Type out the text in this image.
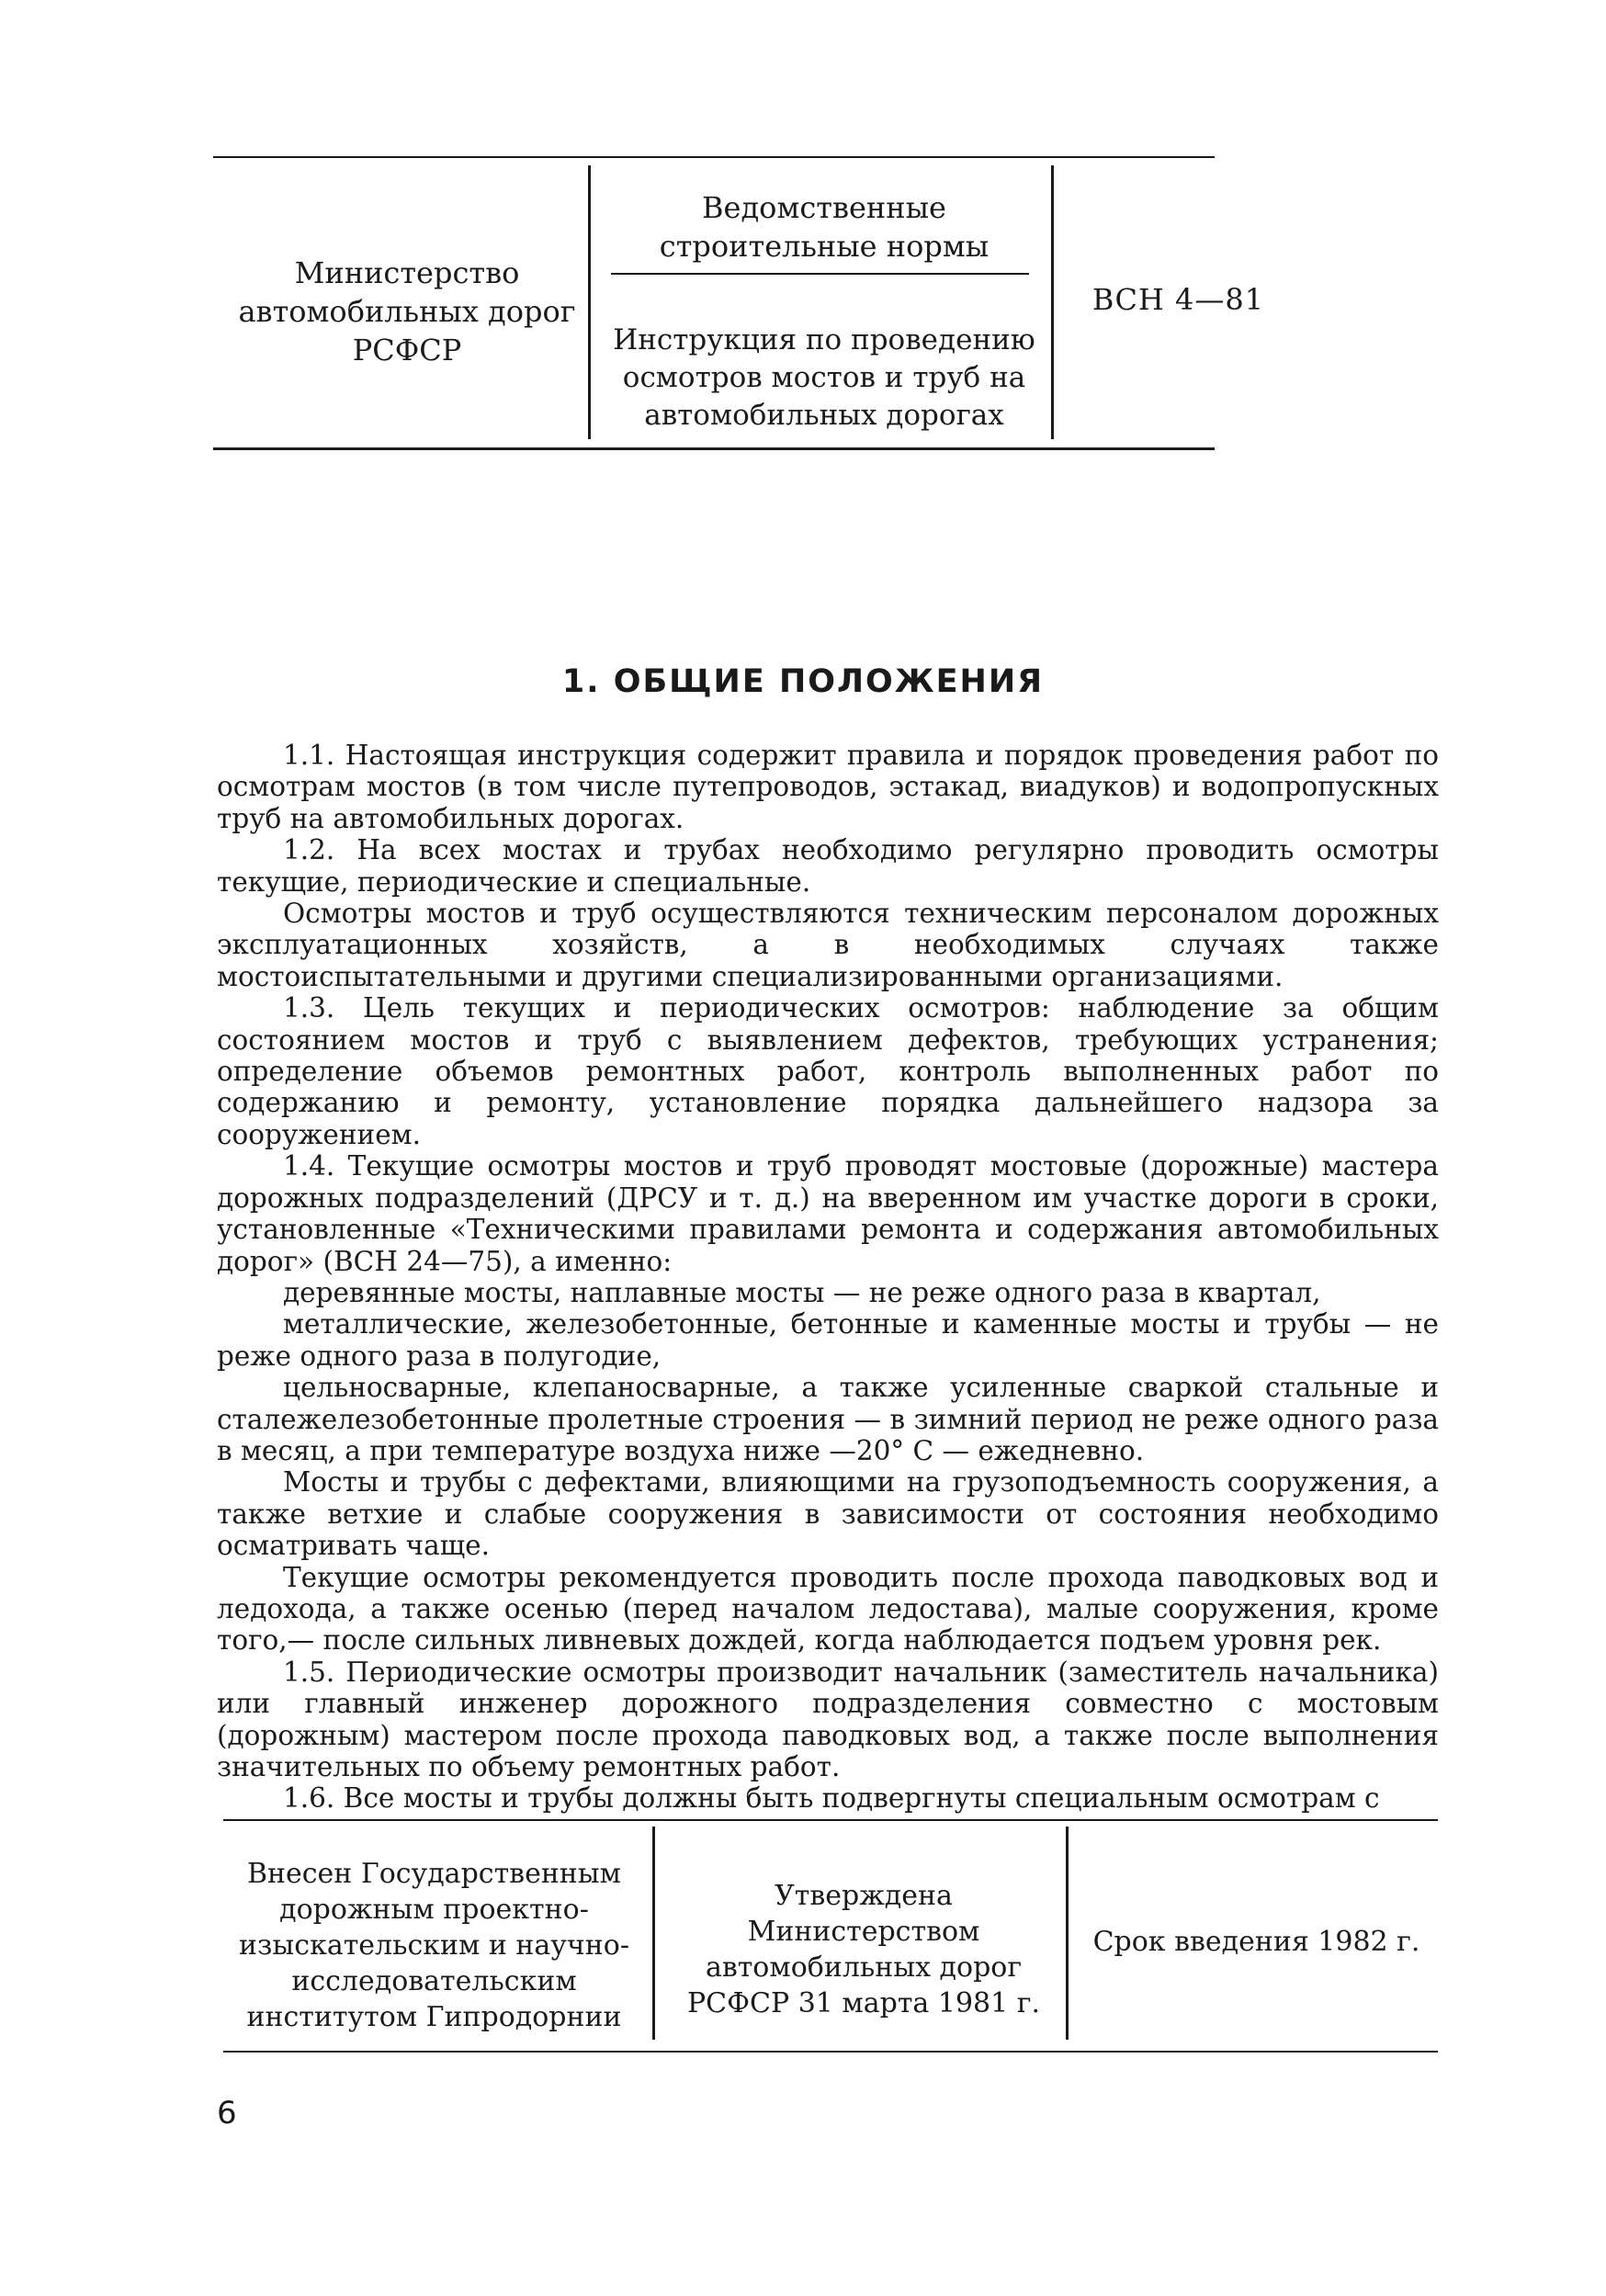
Министерство автомобильных дорог РСФСР
Ведомственные строительные нормы
Инструкция по проведению осмотров мостов и труб на автомобильных дорогах
ВСН 4—81
1. ОБЩИЕ ПОЛОЖЕНИЯ

1.1. Настоящая инструкция содержит правила и порядок проведения работ по осмотрам мостов (в том числе путепроводов, эстакад, виадуков) и водопропускных труб на автомобильных дорогах.

1.2. На всех мостах и трубах необходимо регулярно проводить осмотры текущие, периодические и специальные.

Осмотры мостов и труб осуществляются техническим персоналом дорожных эксплуатационных хозяйств, а в необходимых случаях также мостоиспытательными и другими специализированными организациями.

1.3. Цель текущих и периодических осмотров: наблюдение за общим состоянием мостов и труб с выявлением дефектов, требующих устранения; определение объемов ремонтных работ, контроль выполненных работ по содержанию и ремонту, установление порядка дальнейшего надзора за сооружением.

1.4. Текущие осмотры мостов и труб проводят мостовые (дорожные) мастера дорожных подразделений (ДРСУ и т. д.) на вверенном им участке дороги в сроки, установленные «Техническими правилами ремонта и содержания автомобильных дорог» (ВСН 24—75), а именно:

деревянные мосты, наплавные мосты — не реже одного раза в квартал,

металлические, железобетонные, бетонные и каменные мосты и трубы — не реже одного раза в полугодие,

цельносварные, клепаносварные, а также усиленные сваркой стальные и сталежелезобетонные пролетные строения — в зимний период не реже одного раза в месяц, а при температуре воздуха ниже —20° С — ежедневно.

Мосты и трубы с дефектами, влияющими на грузоподъемность сооружения, а также ветхие и слабые сооружения в зависимости от состояния необходимо осматривать чаще.

Текущие осмотры рекомендуется проводить после прохода паводковых вод и ледохода, а также осенью (перед началом ледостава), малые сооружения, кроме того,— после сильных ливневых дождей, когда наблюдается подъем уровня рек.

1.5. Периодические осмотры производит начальник (заместитель начальника) или главный инженер дорожного подразделения совместно с мостовым (дорожным) мастером после прохода паводковых вод, а также после выполнения значительных по объему ремонтных работ.

1.6. Все мосты и трубы должны быть подвергнуты специальным осмотрам с

Внесен Государственным дорожным проектно-изыскательским и научно-исследовательским институтом Гипродорнии
Утверждена Министерством автомобильных дорог РСФСР 31 марта 1981 г.
Срок введения 1982 г.
6
